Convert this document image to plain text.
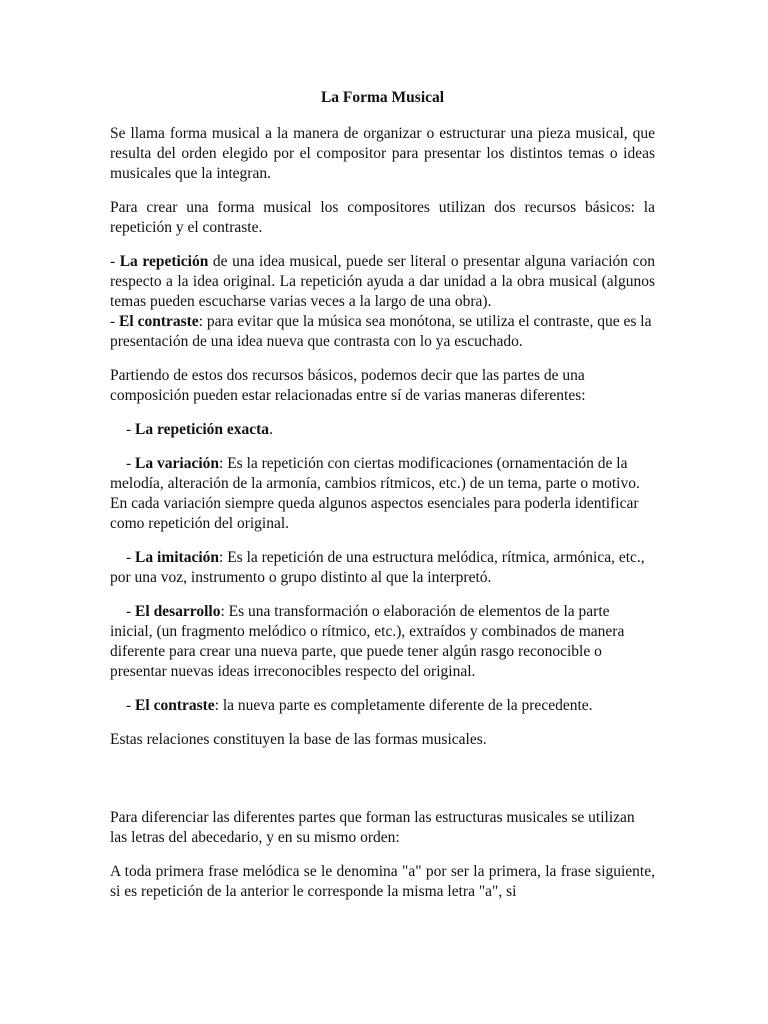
La Forma Musical

Se llama forma musical a la manera de organizar o estructurar una pieza musical, que resulta del orden elegido por el compositor para presentar los distintos temas o ideas musicales que la integran.

Para crear una forma musical los compositores utilizan dos recursos básicos: la repetición y el contraste.

- La repetición de una idea musical, puede ser literal o presentar alguna variación con respecto a la idea original. La repetición ayuda a dar unidad a la obra musical (algunos temas pueden escucharse varias veces a la largo de una obra).

- El contraste: para evitar que la música sea monótona, se utiliza el contraste, que es la presentación de una idea nueva que contrasta con lo ya escuchado.

Partiendo de estos dos recursos básicos, podemos decir que las partes de una composición pueden estar relacionadas entre sí de varias maneras diferentes:

- La repetición exacta.

- La variación: Es la repetición con ciertas modificaciones (ornamentación de la melodía, alteración de la armonía, cambios rítmicos, etc.) de un tema, parte o motivo. En cada variación siempre queda algunos aspectos esenciales para poderla identificar como repetición del original.

- La imitación: Es la repetición de una estructura melódica, rítmica, armónica, etc., por una voz, instrumento o grupo distinto al que la interpretó.

- El desarrollo: Es una transformación o elaboración de elementos de la parte inicial, (un fragmento melódico o rítmico, etc.), extraídos y combinados de manera diferente para crear una nueva parte, que puede tener algún rasgo reconocible o presentar nuevas ideas irreconocibles respecto del original.

- El contraste: la nueva parte es completamente diferente de la precedente.

Estas relaciones constituyen la base de las formas musicales.

Para diferenciar las diferentes partes que forman las estructuras musicales se utilizan las letras del abecedario, y en su mismo orden:

A toda primera frase melódica se le denomina "a" por ser la primera, la frase siguiente, si es repetición de la anterior le corresponde la misma letra "a", si
